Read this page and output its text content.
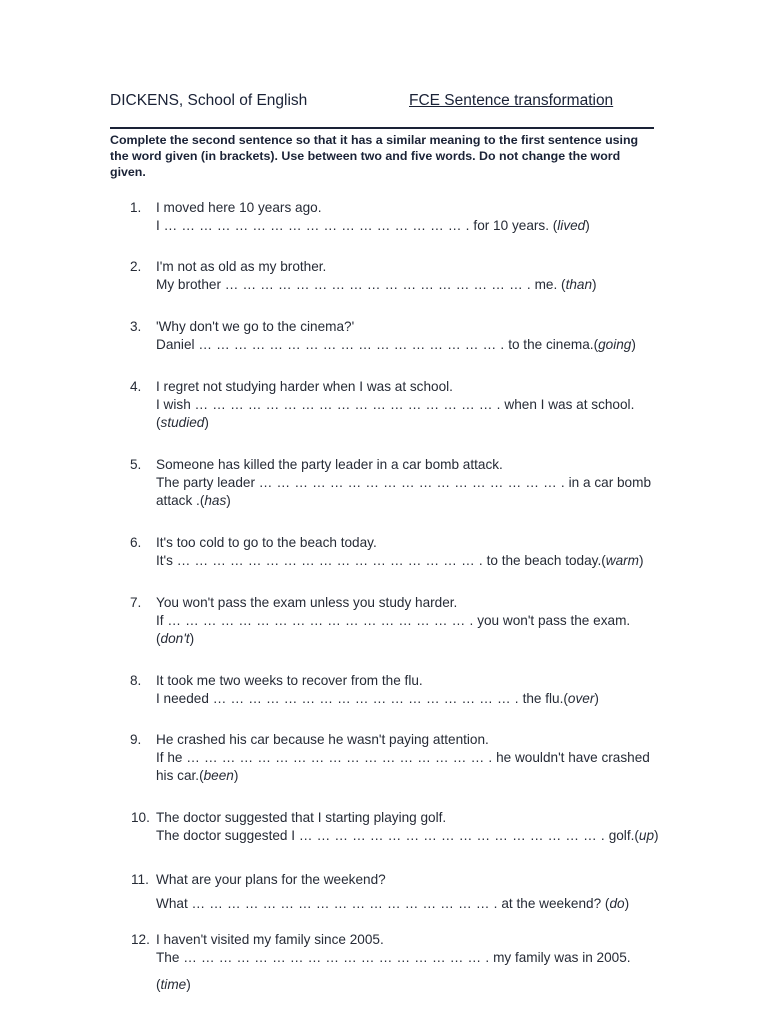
DICKENS, School of English	FCE Sentence transformation
Complete the second sentence so that it has a similar meaning to the first sentence using the word given (in brackets). Use between two and five words. Do not change the word given.
1.	I moved here 10 years ago.
I … … … … … … … … … … … … … … … … … . for 10 years. (lived)
2.	I'm not as old as my brother.
My brother … … … … … … … … … … … … … … … … … . me. (than)
3.	'Why don't we go to the cinema?'
Daniel … … … … … … … … … … … … … … … … … . to the cinema.(going)
4.	I regret not studying harder when I was at school.
I wish … … … … … … … … … … … … … … … … … . when I was at school.
(studied)
5.	Someone has killed the party leader in a car bomb attack.
The party leader … … … … … … … … … … … … … … … … … . in a car bomb
attack .(has)
6.	It's too cold to go to the beach today.
It's … … … … … … … … … … … … … … … … … . to the beach today.(warm)
7.	You won't pass the exam unless you study harder.
If … … … … … … … … … … … … … … … … … . you won't pass the exam.
(don't)
8.	It took me two weeks to recover from the flu.
I needed … … … … … … … … … … … … … … … … … . the flu.(over)
9.	He crashed his car because he wasn't paying attention.
If he … … … … … … … … … … … … … … … … … . he wouldn't have crashed
his car.(been)
10. The doctor suggested that I starting playing golf.
The doctor suggested I … … … … … … … … … … … … … … … … … . golf.(up)
11. What are your plans for the weekend?
What … … … … … … … … … … … … … … … … … . at the weekend? (do)
12. I haven't visited my family since 2005.
The … … … … … … … … … … … … … … … … … . my family was in 2005.
(time)
